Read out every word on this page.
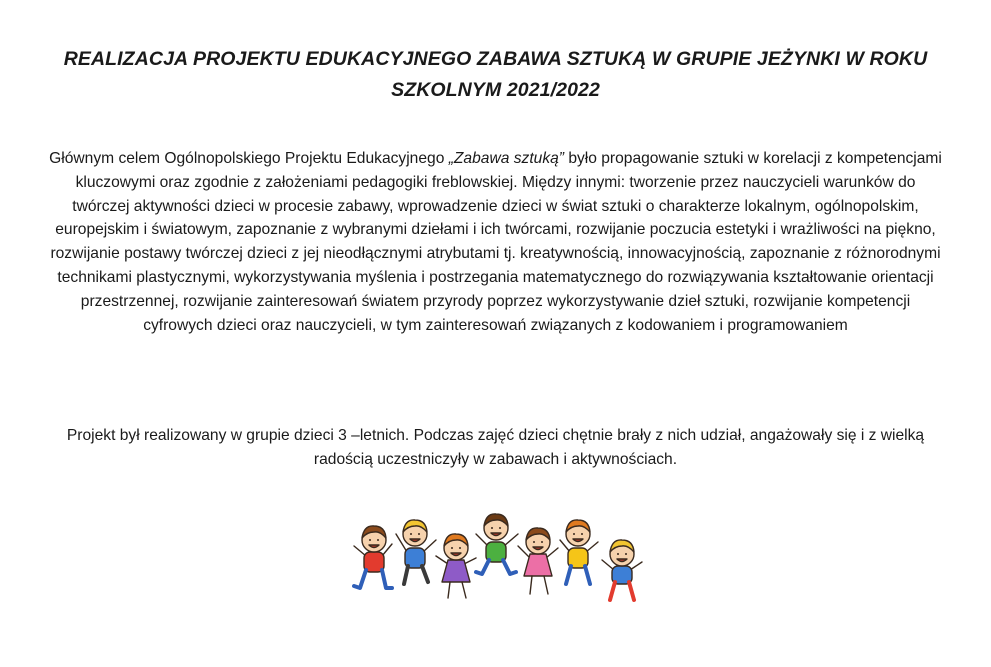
REALIZACJA PROJEKTU EDUKACYJNEGO ZABAWA SZTUKĄ W GRUPIE JEŻYNKI W ROKU SZKOLNYM 2021/2022

Głównym celem Ogólnopolskiego Projektu Edukacyjnego „Zabawa sztuką” było propagowanie sztuki w korelacji z kompetencjami kluczowymi oraz zgodnie z założeniami pedagogiki freblowskiej. Między innymi: tworzenie przez nauczycieli warunków do twórczej aktywności dzieci w procesie zabawy, wprowadzenie dzieci w świat sztuki o charakterze lokalnym, ogólnopolskim, europejskim i światowym, zapoznanie z wybranymi dziełami i ich twórcami, rozwijanie poczucia estetyki i wrażliwości na piękno, rozwijanie postawy twórczej dzieci z jej nieodłącznymi atrybutami tj. kreatywnością, innowacyjnością, zapoznanie z różnorodnymi technikami plastycznymi, wykorzystywania myślenia i postrzegania matematycznego do rozwiązywania kształtowanie orientacji przestrzennej, rozwijanie zainteresowań światem przyrody poprzez wykorzystywanie dzieł sztuki, rozwijanie kompetencji cyfrowych dzieci oraz nauczycieli, w tym zainteresowań związanych z kodowaniem i programowaniem

Projekt był realizowany w grupie dzieci 3 –letnich. Podczas zajęć dzieci chętnie brały z nich udział, angażowały się i z wielką radością uczestniczyły w zabawach i aktywnościach.
